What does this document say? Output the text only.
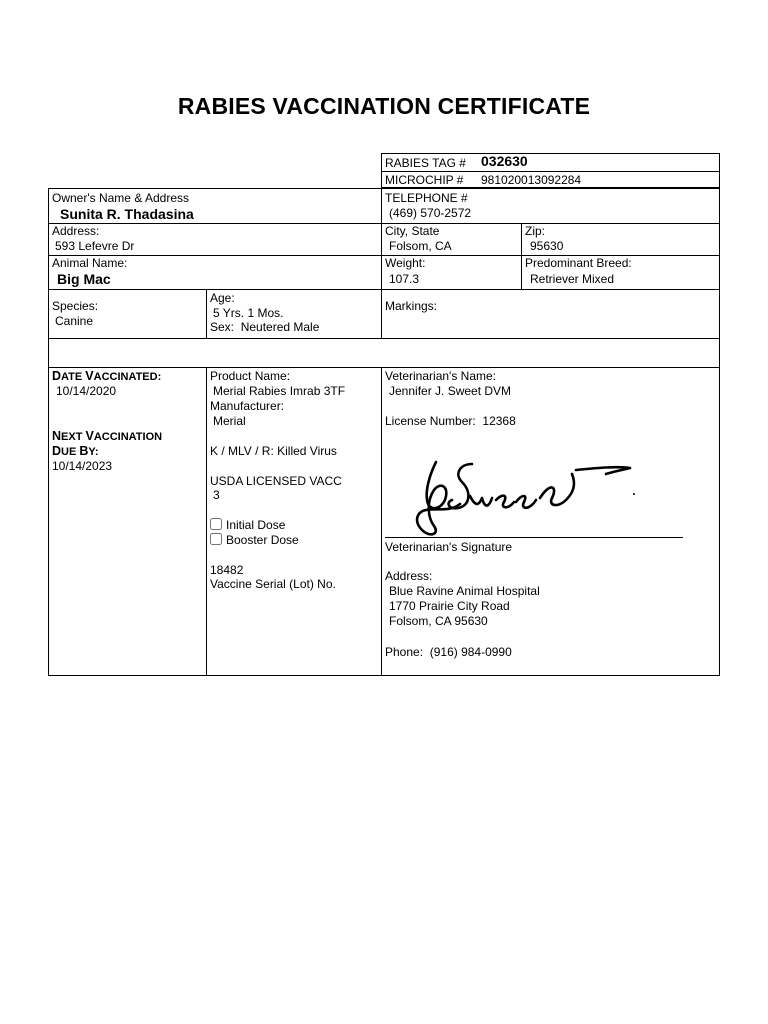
RABIES VACCINATION CERTIFICATE
RABIES TAG # 032630
MICROCHIP # 981020013092284
Owner's Name & Address
Sunita R. Thadasina
TELEPHONE #
(469) 570-2572
Address:
593 Lefevre Dr
City, State
Folsom, CA
Zip:
95630
Animal Name:
Big Mac
Weight:
107.3
Predominant Breed:
Retriever Mixed
Species:
Canine
Age:
5 Yrs. 1 Mos.
Sex: Neutered Male
Markings:
DATE VACCINATED:
10/14/2020
NEXT VACCINATION
DUE BY:
10/14/2023
Product Name:
Merial Rabies Imrab 3TF
Manufacturer:
Merial
K / MLV / R: Killed Virus
USDA LICENSED VACC
3
Initial Dose
Booster Dose
18482
Vaccine Serial (Lot) No.
Veterinarian's Name:
Jennifer J. Sweet DVM
License Number: 12368
Veterinarian's Signature
Address:
Blue Ravine Animal Hospital
1770 Prairie City Road
Folsom, CA 95630
Phone: (916) 984-0990
